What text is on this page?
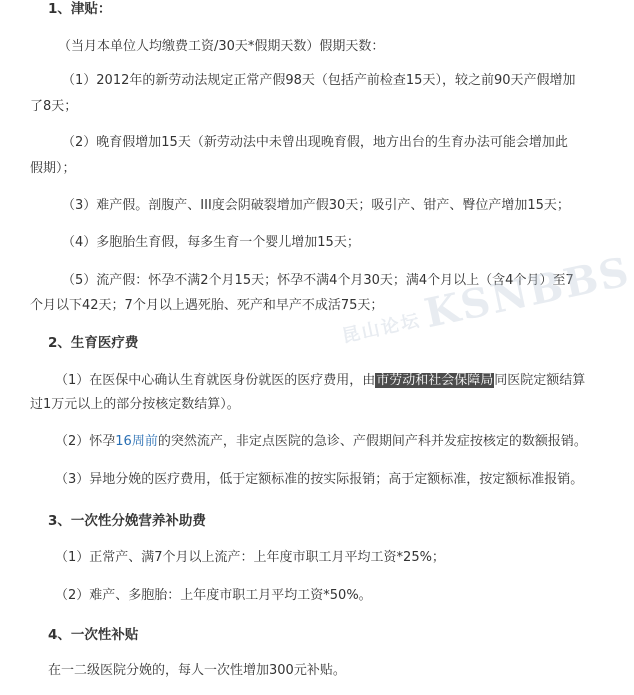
1、津贴：
（当月本单位人均缴费工资/30天*假期天数）假期天数：
（1）2012年的新劳动法规定正常产假98天（包括产前检查15天），较之前90天产假增加
了8天；
（2）晚育假增加15天（新劳动法中未曾出现晚育假，地方出台的生育办法可能会增加此
假期）；
（3）难产假。剖腹产、III度会阴破裂增加产假30天；吸引产、钳产、臀位产增加15天；
（4）多胞胎生育假，每多生育一个婴儿增加15天；
（5）流产假：怀孕不满2个月15天；怀孕不满4个月30天；满4个月以上（含4个月）至7
个月以下42天；7个月以上遇死胎、死产和早产不成活75天；
2、生育医疗费
（1）在医保中心确认生育就医身份就医的医疗费用，由市劳动和社会保障局同医院定额结算
过1万元以上的部分按核定数结算）。
（2）怀孕16周前的突然流产，非定点医院的急诊、产假期间产科并发症按核定的数额报销。
（3）异地分娩的医疗费用，低于定额标准的按实际报销；高于定额标准，按定额标准报销。
3、一次性分娩营养补助费
（1）正常产、满7个月以上流产：上年度市职工月平均工资*25%；
（2）难产、多胞胎：上年度市职工月平均工资*50%。
4、一次性补贴
在一二级医院分娩的，每人一次性增加300元补贴。
昆山论坛KSNBBS
